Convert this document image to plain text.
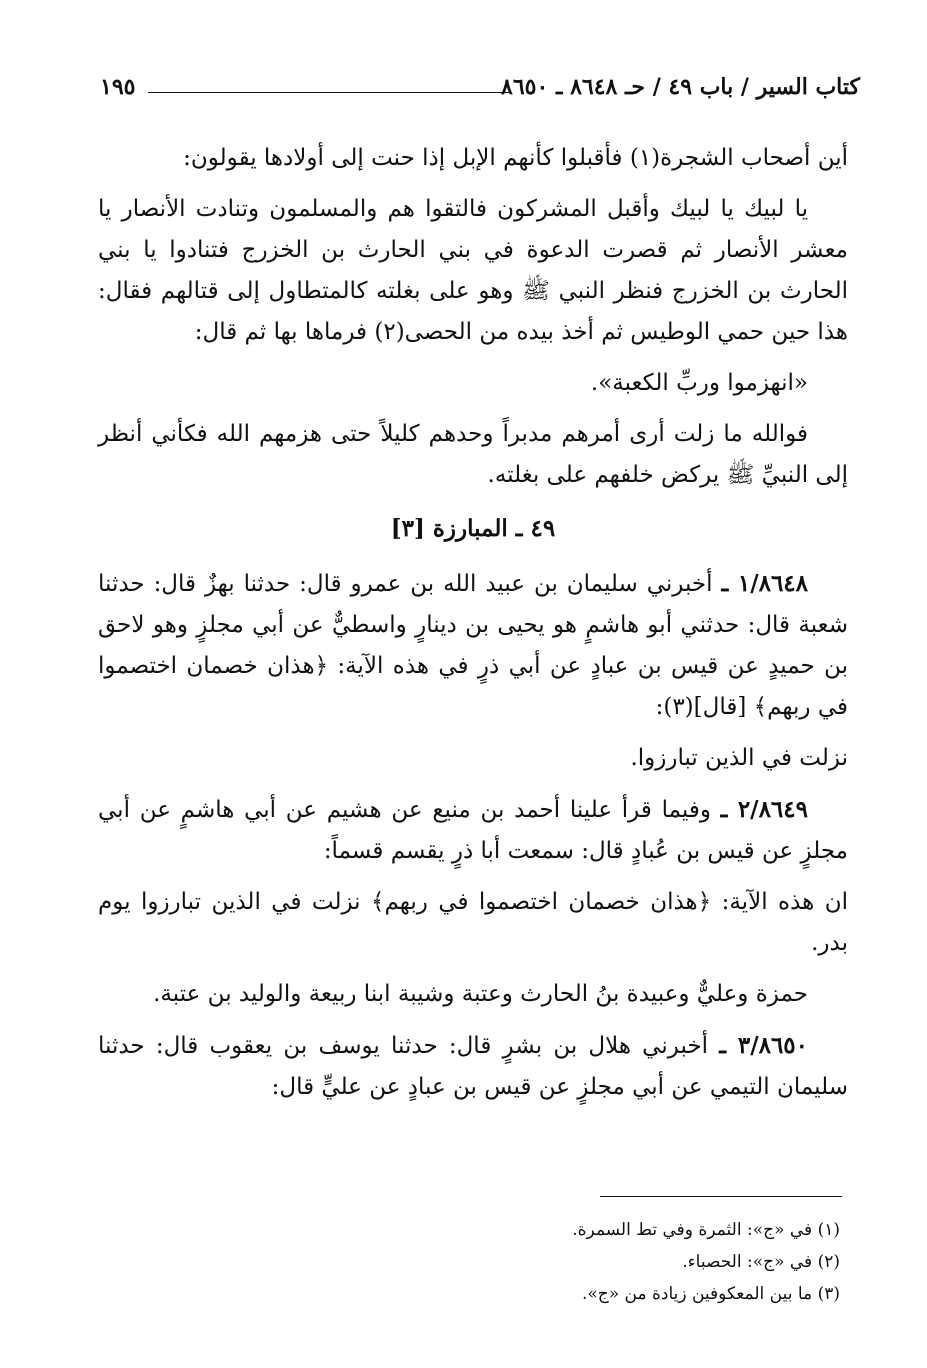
كتاب السير / باب ٤٩ / حـ ٨٦٤٨ ـ ٨٦٥٠
١٩٥

أين أصحاب الشجرة(١) فأقبلوا كأنهم الإبل إذا حنت إلى أولادها يقولون:

يا لبيك يا لبيك وأقبل المشركون فالتقوا هم والمسلمون وتنادت الأنصار يا معشر الأنصار ثم قصرت الدعوة في بني الحارث بن الخزرج فتنادوا يا بني الحارث بن الخزرج فنظر النبي ﷺ وهو على بغلته كالمتطاول إلى قتالهم فقال: هذا حين حمي الوطيس ثم أخذ بيده من الحصى(٢) فرماها بها ثم قال:

«انهزموا وربِّ الكعبة».

فوالله ما زلت أرى أمرهم مدبراً وحدهم كليلاً حتى هزمهم الله فكأني أنظر إلى النبيِّ ﷺ يركض خلفهم على بغلته.

٤٩ ـ المبارزة [٣]

١/٨٦٤٨ ـ أخبرني سليمان بن عبيد الله بن عمرو قال: حدثنا بهزٌ قال: حدثنا شعبة قال: حدثني أبو هاشمٍ هو يحيى بن دينارٍ واسطيٌّ عن أبي مجلزٍ وهو لاحق بن حميدٍ عن قيس بن عبادٍ عن أبي ذرٍ في هذه الآية: ﴿هذان خصمان اختصموا في ربهم﴾ [قال](٣):

نزلت في الذين تبارزوا.

٢/٨٦٤٩ ـ وفيما قرأ علينا أحمد بن منيع عن هشيم عن أبي هاشمٍ عن أبي مجلزٍ عن قيس بن عُبادٍ قال: سمعت أبا ذرٍ يقسم قسماً:

ان هذه الآية: ﴿هذان خصمان اختصموا في ربهم﴾ نزلت في الذين تبارزوا يوم بدر.

حمزة وعليٌّ وعبيدة بنُ الحارث وعتبة وشيبة ابنا ربيعة والوليد بن عتبة.

٣/٨٦٥٠ ـ أخبرني هلال بن بشرٍ قال: حدثنا يوسف بن يعقوب قال: حدثنا سليمان التيمي عن أبي مجلزٍ عن قيس بن عبادٍ عن عليٍّ قال:

(١) في «ج»: الثمرة وفي تط السمرة.

(٢) في «ج»: الحصباء.

(٣) ما بين المعكوفين زيادة من «ج».
